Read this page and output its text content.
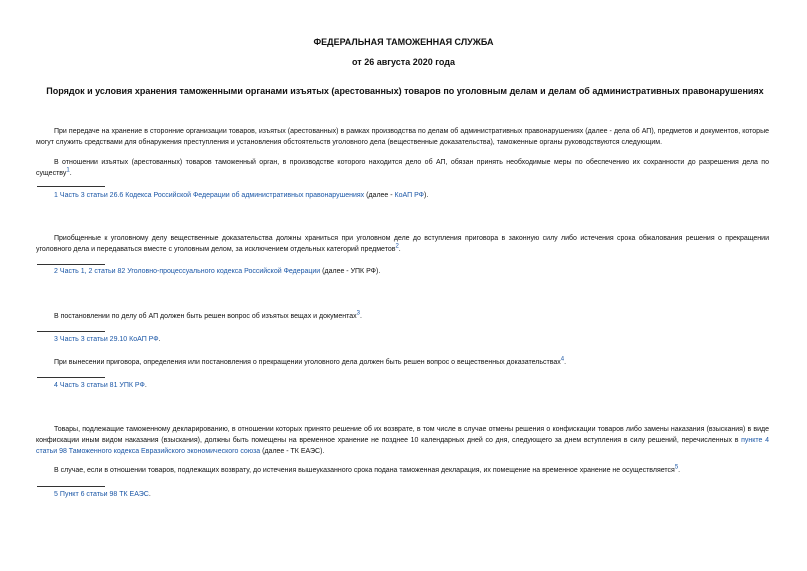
ФЕДЕРАЛЬНАЯ ТАМОЖЕННАЯ СЛУЖБА
от 26 августа 2020 года
Порядок и условия хранения таможенными органами изъятых (арестованных) товаров по уголовным делам и делам об административных правонарушениях
При передаче на хранение в сторонние организации товаров, изъятых (арестованных) в рамках производства по делам об административных правонарушениях (далее - дела об АП), предметов и документов, которые могут служить средствами для обнаружения преступления и установления обстоятельств уголовного дела (вещественные доказательства), таможенные органы руководствуются следующим.
В отношении изъятых (арестованных) товаров таможенный орган, в производстве которого находится дело об АП, обязан принять необходимые меры по обеспечению их сохранности до разрешения дела по существу$^1$.
1 Часть 3 статьи 26.6 Кодекса Российской Федерации об административных правонарушениях (далее - КоАП РФ).
Приобщенные к уголовному делу вещественные доказательства должны храниться при уголовном деле до вступления приговора в законную силу либо истечения срока обжалования решения о прекращении уголовного дела и передаваться вместе с уголовным делом, за исключением отдельных категорий предметов$^2$.
2 Часть 1, 2 статьи 82 Уголовно-процессуального кодекса Российской Федерации (далее - УПК РФ).
В постановлении по делу об АП должен быть решен вопрос об изъятых вещах и документах$^3$.
3 Часть 3 статьи 29.10 КоАП РФ.
При вынесении приговора, определения или постановления о прекращении уголовного дела должен быть решен вопрос о вещественных доказательствах$^4$.
4 Часть 3 статьи 81 УПК РФ.
Товары, подлежащие таможенному декларированию, в отношении которых принято решение об их возврате, в том числе в случае отмены решения о конфискации товаров либо замены наказания (взыскания) в виде конфискации иным видом наказания (взыскания), должны быть помещены на временное хранение не позднее 10 календарных дней со дня, следующего за днем вступления в силу решений, перечисленных в пункте 4 статьи 98 Таможенного кодекса Евразийского экономического союза (далее - ТК ЕАЭС).
В случае, если в отношении товаров, подлежащих возврату, до истечения вышеуказанного срока подана таможенная декларация, их помещение на временное хранение не осуществляется$^5$.
5 Пункт 6 статьи 98 ТК ЕАЭС.
